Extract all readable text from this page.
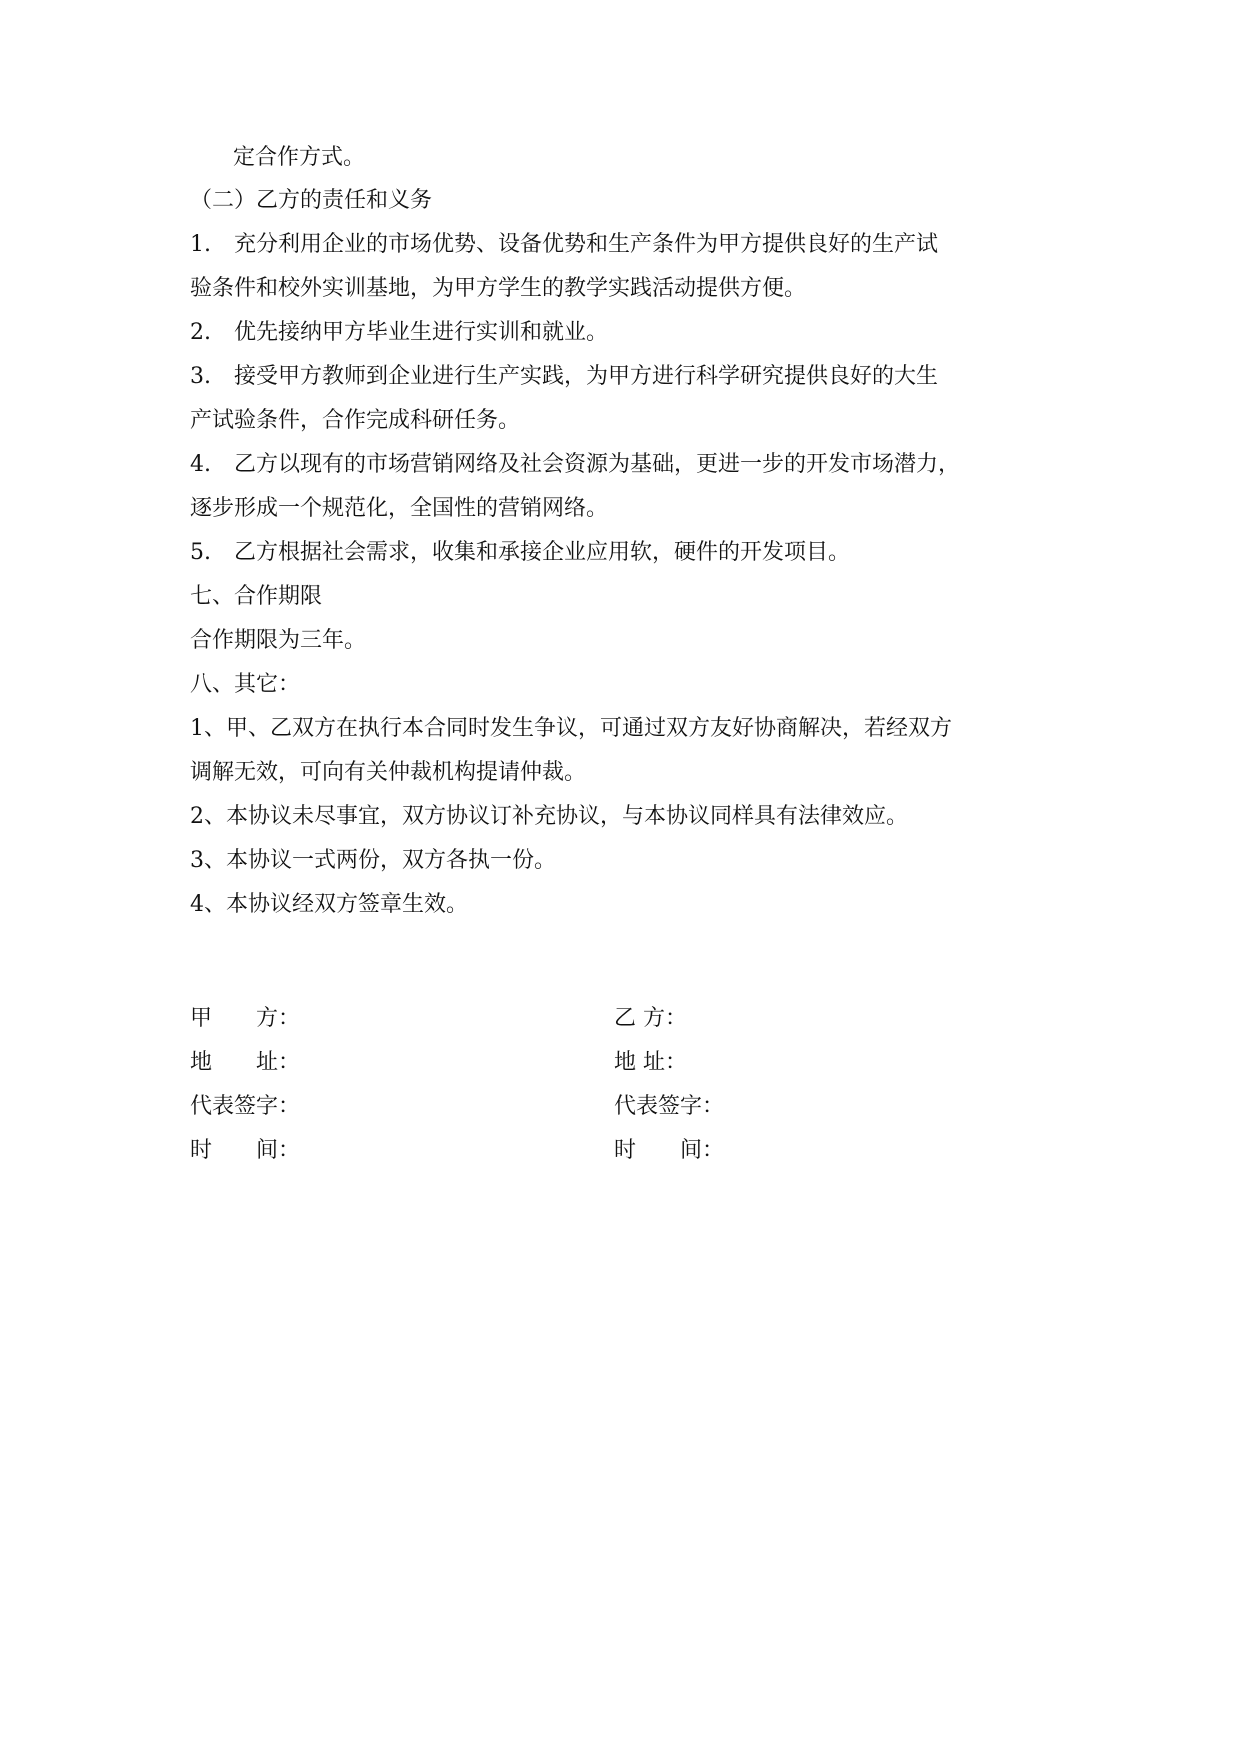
定合作方式。
（二）乙方的责任和义务
1. 充分利用企业的市场优势、设备优势和生产条件为甲方提供良好的生产试
验条件和校外实训基地，为甲方学生的教学实践活动提供方便。
2. 优先接纳甲方毕业生进行实训和就业。
3. 接受甲方教师到企业进行生产实践，为甲方进行科学研究提供良好的大生
产试验条件，合作完成科研任务。
4. 乙方以现有的市场营销网络及社会资源为基础，更进一步的开发市场潜力，
逐步形成一个规范化，全国性的营销网络。
5. 乙方根据社会需求，收集和承接企业应用软，硬件的开发项目。
七、合作期限
合作期限为三年。
八、其它：
1、甲、乙双方在执行本合同时发生争议，可通过双方友好协商解决，若经双方
调解无效，可向有关仲裁机构提请仲裁。
2、本协议未尽事宜，双方协议订补充协议，与本协议同样具有法律效应。
3、本协议一式两份，双方各执一份。
4、本协议经双方签章生效。
甲　　方：	乙 方：
地　　址：	地 址：
代表签字：	代表签字：
时　　间：	时　　间：
